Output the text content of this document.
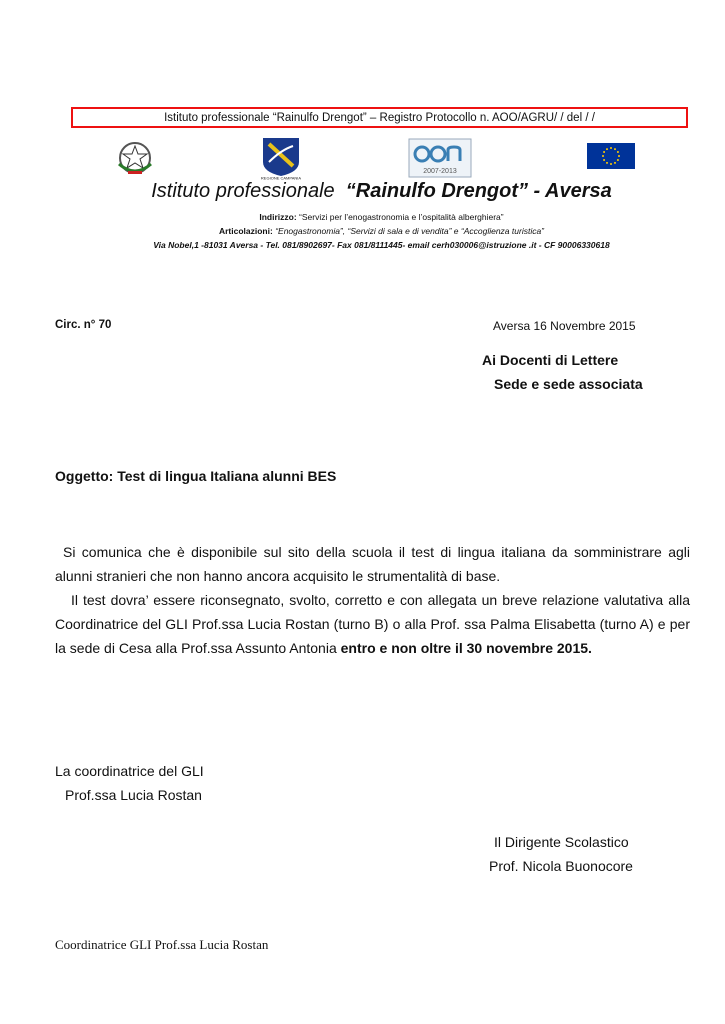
Istituto professionale “Rainulfo Drengot” – Registro Protocollo n. AOO/AGRU/ / del / /
REGIONE CAMPANIA
2007-2013
Istituto professionale “Rainulfo Drengot” - Aversa
Indirizzo: “Servizi per l’enogastronomia e l’ospitalità alberghiera”
Articolazioni: “Enogastronomia”, “Servizi di sala e di vendita” e “Accoglienza turistica”
Via Nobel,1 -81031 Aversa - Tel. 081/8902697- Fax 081/8111445- email cerh030006@istruzione .it - CF 90006330618
Circ. n° 70	Aversa 16 Novembre 2015
Ai Docenti di Lettere
Sede e sede associata
Oggetto: Test di lingua Italiana alunni BES

Si comunica che è disponibile sul sito della scuola il test di lingua italiana da somministrare agli alunni stranieri che non hanno ancora acquisito le strumentalità di base.

Il test dovra’ essere riconsegnato, svolto, corretto e con allegata un breve relazione valutativa alla Coordinatrice del GLI Prof.ssa Lucia Rostan (turno B) o alla Prof. ssa Palma Elisabetta (turno A) e per la sede di Cesa alla Prof.ssa Assunto Antonia entro e non oltre il 30 novembre 2015.

La coordinatrice del GLI
Prof.ssa Lucia Rostan
Il Dirigente Scolastico
Prof. Nicola Buonocore
Coordinatrice GLI Prof.ssa Lucia Rostan
